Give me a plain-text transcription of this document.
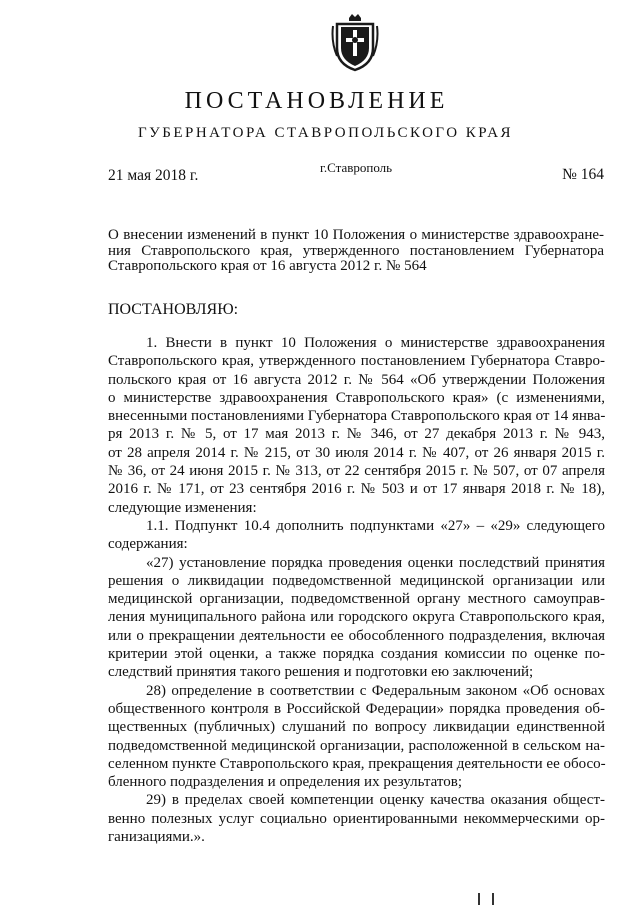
ПОСТАНОВЛЕНИЕ
ГУБЕРНАТОРА СТАВРОПОЛЬСКОГО КРАЯ
21 мая 2018 г.	г.Ставрополь	№ 164
О внесении изменений в пункт 10 Положения о министерстве здравоохране-
ния Ставропольского края, утвержденного постановлением Губернатора
Ставропольского края от 16 августа 2012 г. № 564
ПОСТАНОВЛЯЮ:
1. Внести в пункт 10 Положения о министерстве здравоохранения
Ставропольского края, утвержденного постановлением Губернатора Ставро-
польского края от 16 августа 2012 г. № 564 «Об утверждении Положения
о министерстве здравоохранения Ставропольского края» (с изменениями,
внесенными постановлениями Губернатора Ставропольского края от 14 янва-
ря 2013 г. № 5, от 17 мая 2013 г. № 346, от 27 декабря 2013 г. № 943,
от 28 апреля 2014 г. № 215, от 30 июля 2014 г. № 407, от 26 января 2015 г.
№ 36, от 24 июня 2015 г. № 313, от 22 сентября 2015 г. № 507, от 07 апреля
2016 г. № 171, от 23 сентября 2016 г. № 503 и от 17 января 2018 г. № 18),
следующие изменения:
1.1. Подпункт 10.4 дополнить подпунктами «27» – «29» следующего
содержания:
«27) установление порядка проведения оценки последствий принятия
решения о ликвидации подведомственной медицинской организации или
медицинской организации, подведомственной органу местного самоуправ-
ления муниципального района или городского округа Ставропольского края,
или о прекращении деятельности ее обособленного подразделения, включая
критерии этой оценки, а также порядка создания комиссии по оценке по-
следствий принятия такого решения и подготовки ею заключений;
28) определение в соответствии с Федеральным законом «Об основах
общественного контроля в Российской Федерации» порядка проведения об-
щественных (публичных) слушаний по вопросу ликвидации единственной
подведомственной медицинской организации, расположенной в сельском на-
селенном пункте Ставропольского края, прекращения деятельности ее обосо-
бленного подразделения и определения их результатов;
29) в пределах своей компетенции оценку качества оказания общест-
венно полезных услуг социально ориентированными некоммерческими ор-
ганизациями.».
